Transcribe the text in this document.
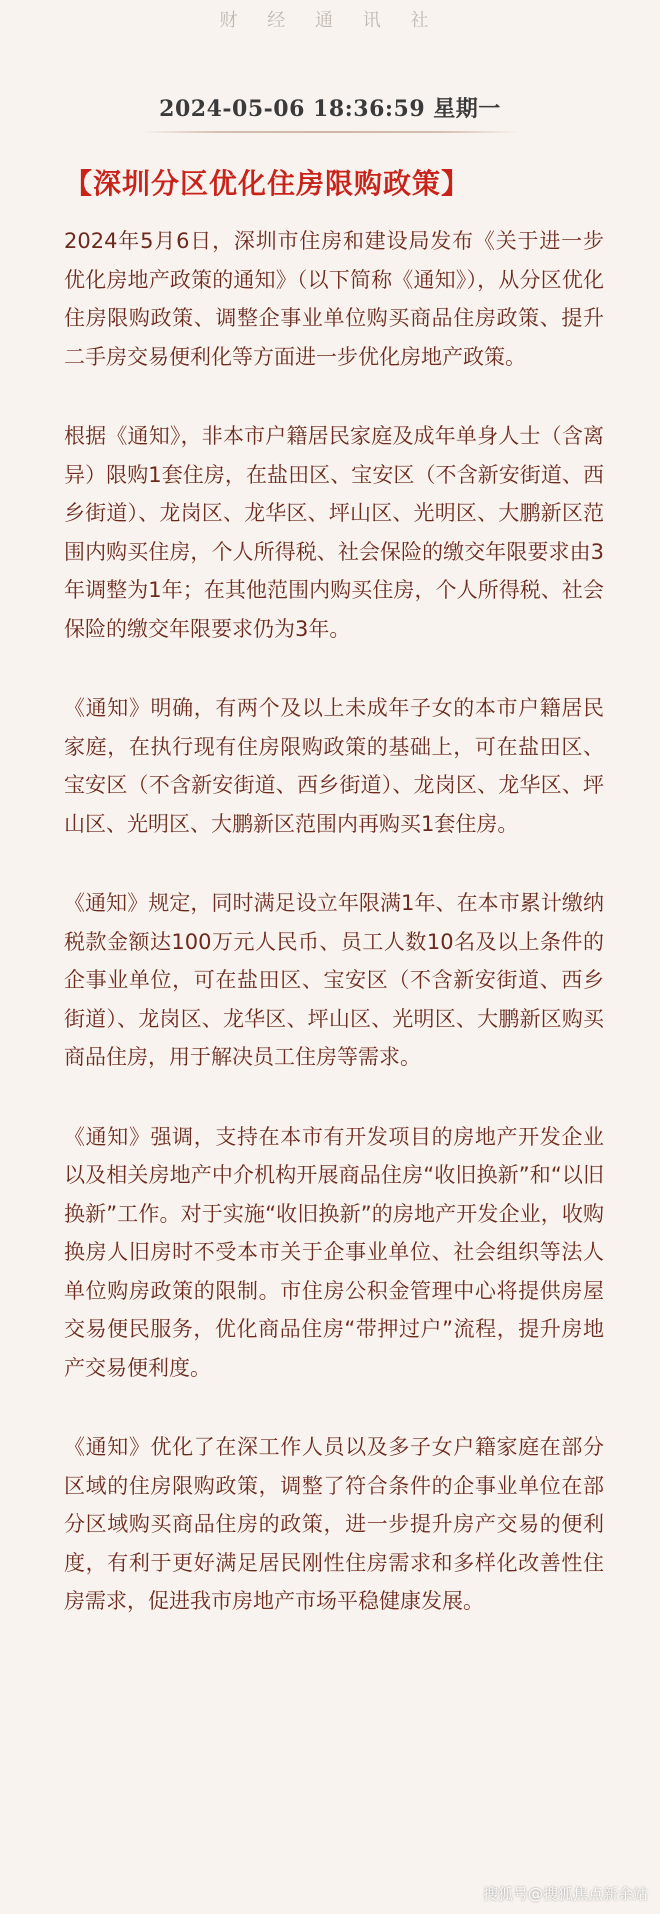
财 经 通 讯 社
2024-05-06 18:36:59 星期一
【深圳分区优化住房限购政策】

2024年5月6日，深圳市住房和建设局发布《关于进一步优化房地产政策的通知》（以下简称《通知》），从分区优化住房限购政策、调整企事业单位购买商品住房政策、提升二手房交易便利化等方面进一步优化房地产政策。

根据《通知》，非本市户籍居民家庭及成年单身人士（含离异）限购1套住房，在盐田区、宝安区（不含新安街道、西乡街道）、龙岗区、龙华区、坪山区、光明区、大鹏新区范围内购买住房，个人所得税、社会保险的缴交年限要求由3年调整为1年；在其他范围内购买住房，个人所得税、社会保险的缴交年限要求仍为3年。

《通知》明确，有两个及以上未成年子女的本市户籍居民家庭，在执行现有住房限购政策的基础上，可在盐田区、宝安区（不含新安街道、西乡街道）、龙岗区、龙华区、坪山区、光明区、大鹏新区范围内再购买1套住房。

《通知》规定，同时满足设立年限满1年、在本市累计缴纳税款金额达100万元人民币、员工人数10名及以上条件的企事业单位，可在盐田区、宝安区（不含新安街道、西乡街道）、龙岗区、龙华区、坪山区、光明区、大鹏新区购买商品住房，用于解决员工住房等需求。

《通知》强调，支持在本市有开发项目的房地产开发企业以及相关房地产中介机构开展商品住房“收旧换新”和“以旧换新”工作。对于实施“收旧换新”的房地产开发企业，收购换房人旧房时不受本市关于企事业单位、社会组织等法人单位购房政策的限制。市住房公积金管理中心将提供房屋交易便民服务，优化商品住房“带押过户”流程，提升房地产交易便利度。

《通知》优化了在深工作人员以及多子女户籍家庭在部分区域的住房限购政策，调整了符合条件的企事业单位在部分区域购买商品住房的政策，进一步提升房产交易的便利度，有利于更好满足居民刚性住房需求和多样化改善性住房需求，促进我市房地产市场平稳健康发展。

搜狐号@搜狐焦点新余站
